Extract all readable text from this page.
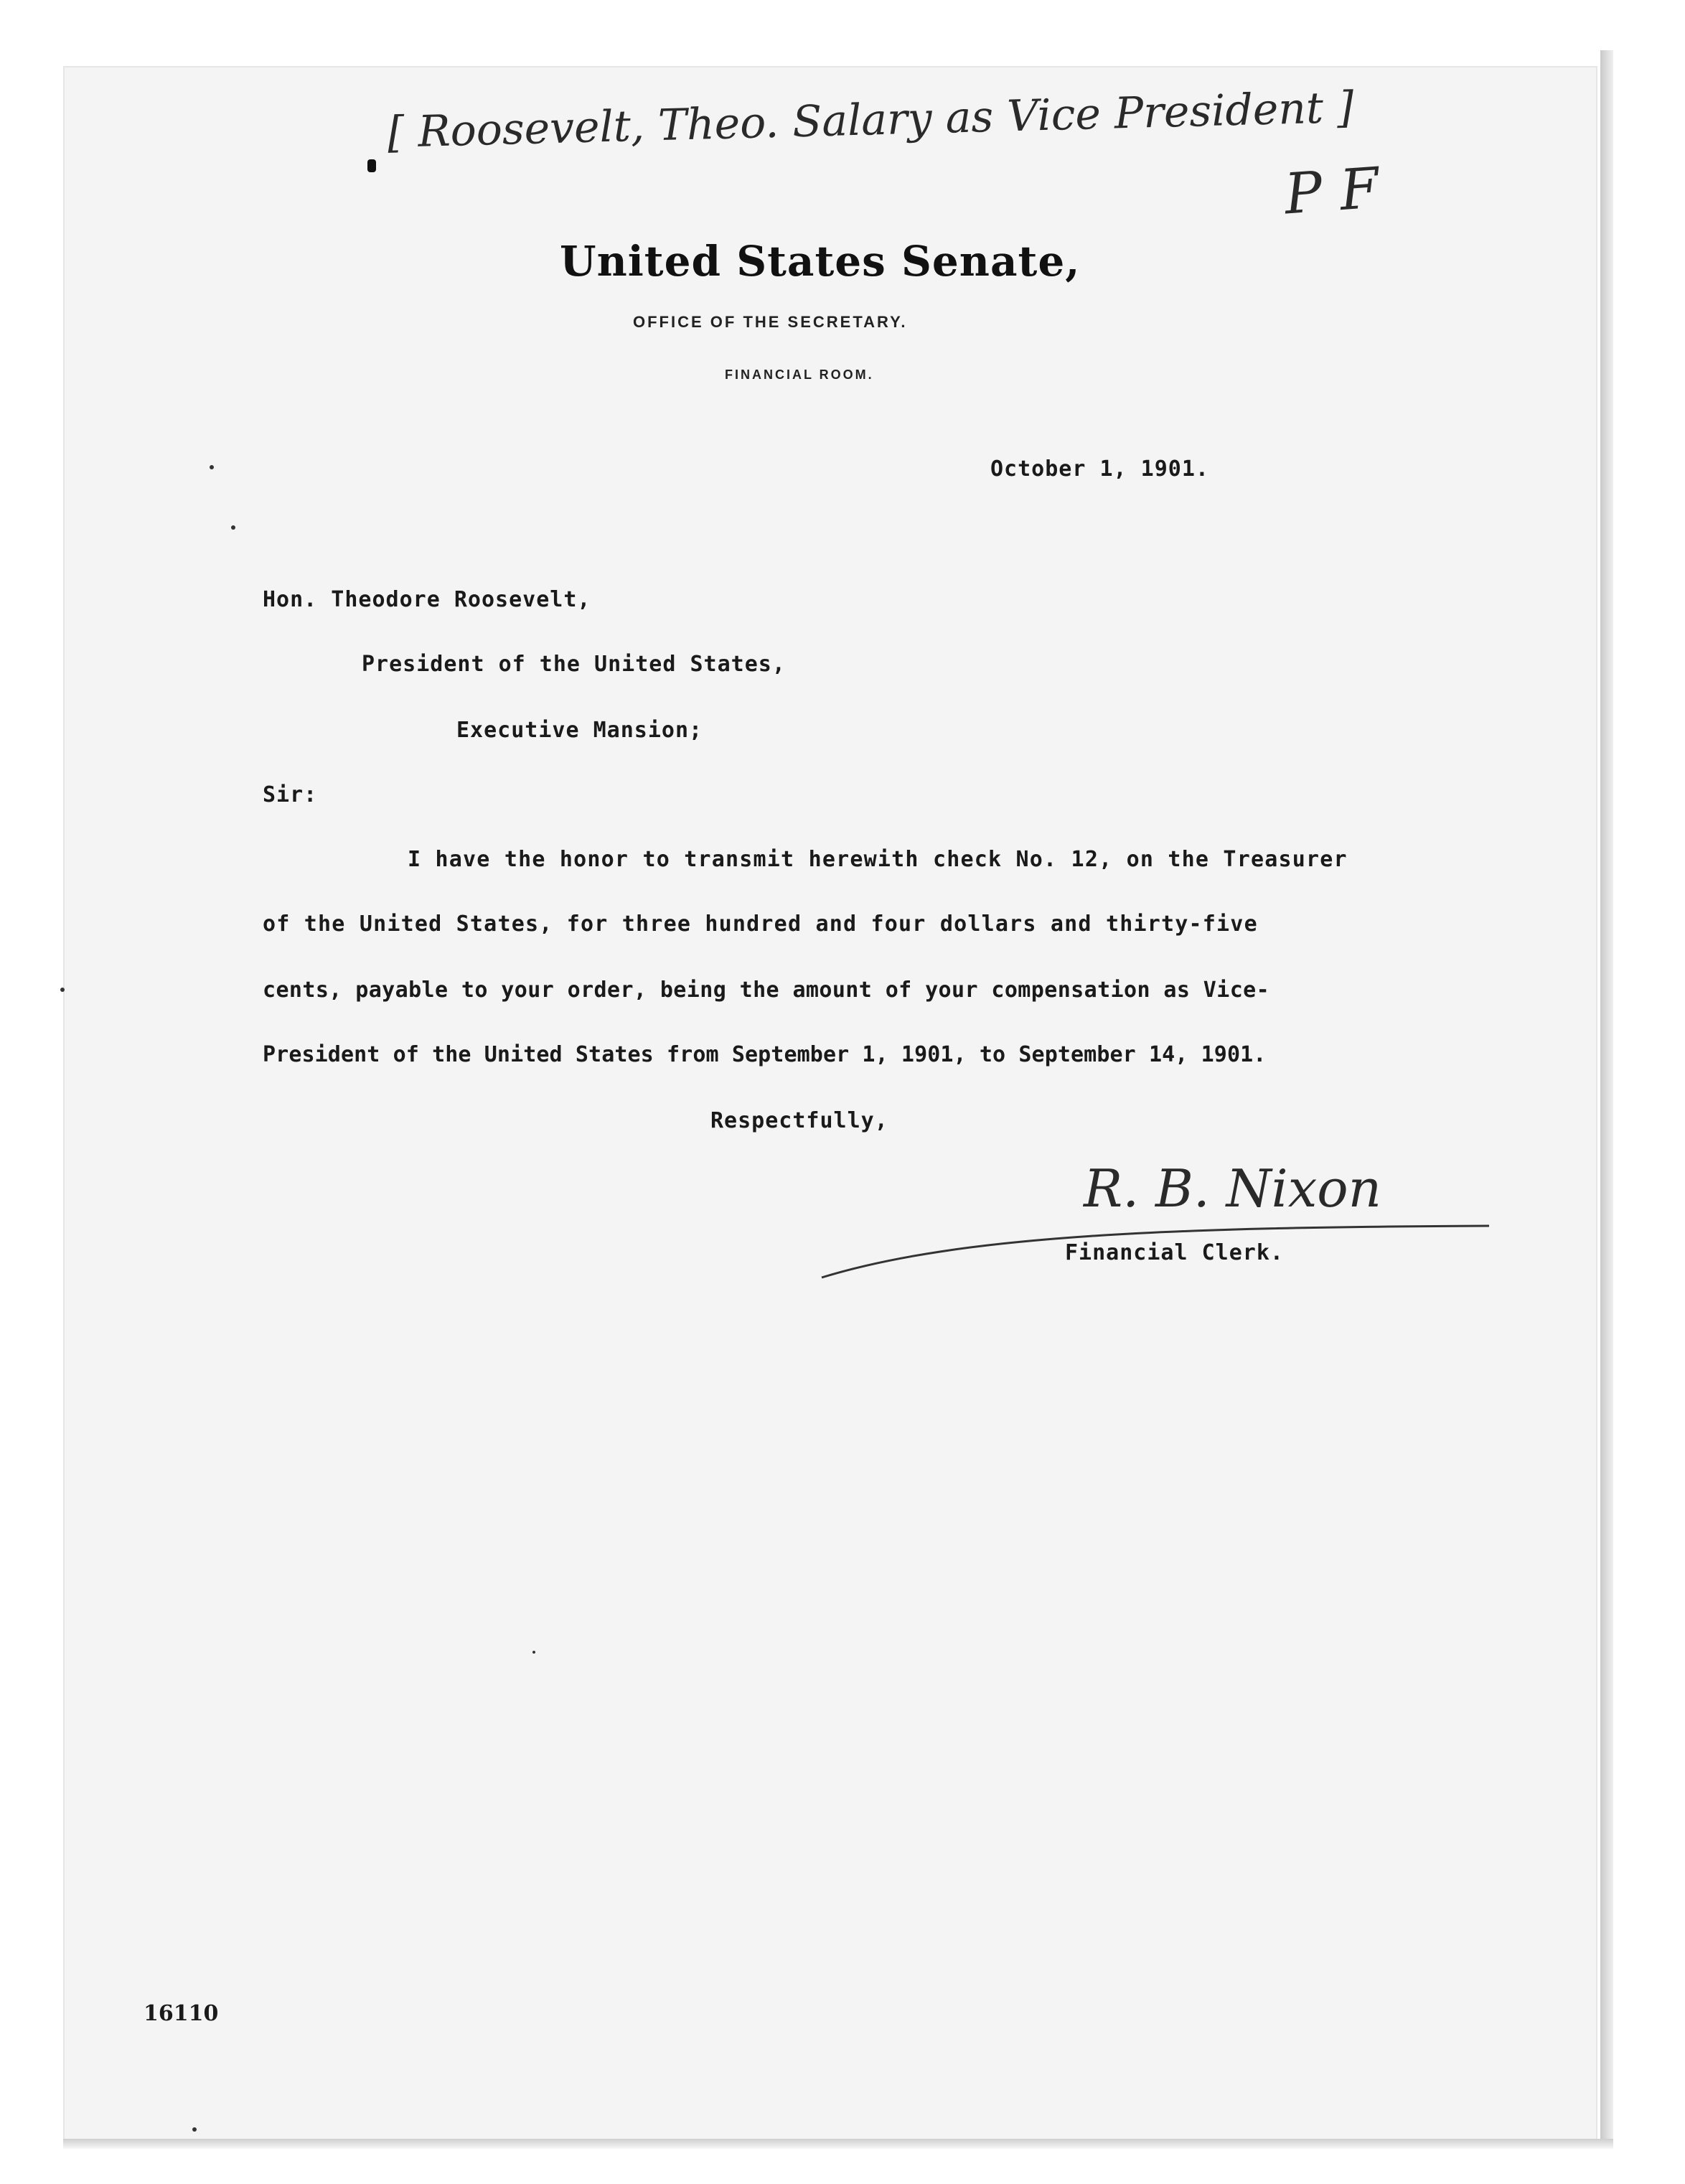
[ Roosevelt, Theo. Salary as Vice President ]
P F
United States Senate,
OFFICE OF THE SECRETARY.
FINANCIAL ROOM.
October 1, 1901.
Hon. Theodore Roosevelt,
President of the United States,
Executive Mansion;
Sir:
I have the honor to transmit herewith check No. 12, on the Treasurer
of the United States, for three hundred and four dollars and thirty-five
cents, payable to your order, being the amount of your compensation as Vice-
President of the United States from September 1, 1901, to September 14, 1901.
Respectfully,
R. B. Nixon
Financial Clerk.
16110
